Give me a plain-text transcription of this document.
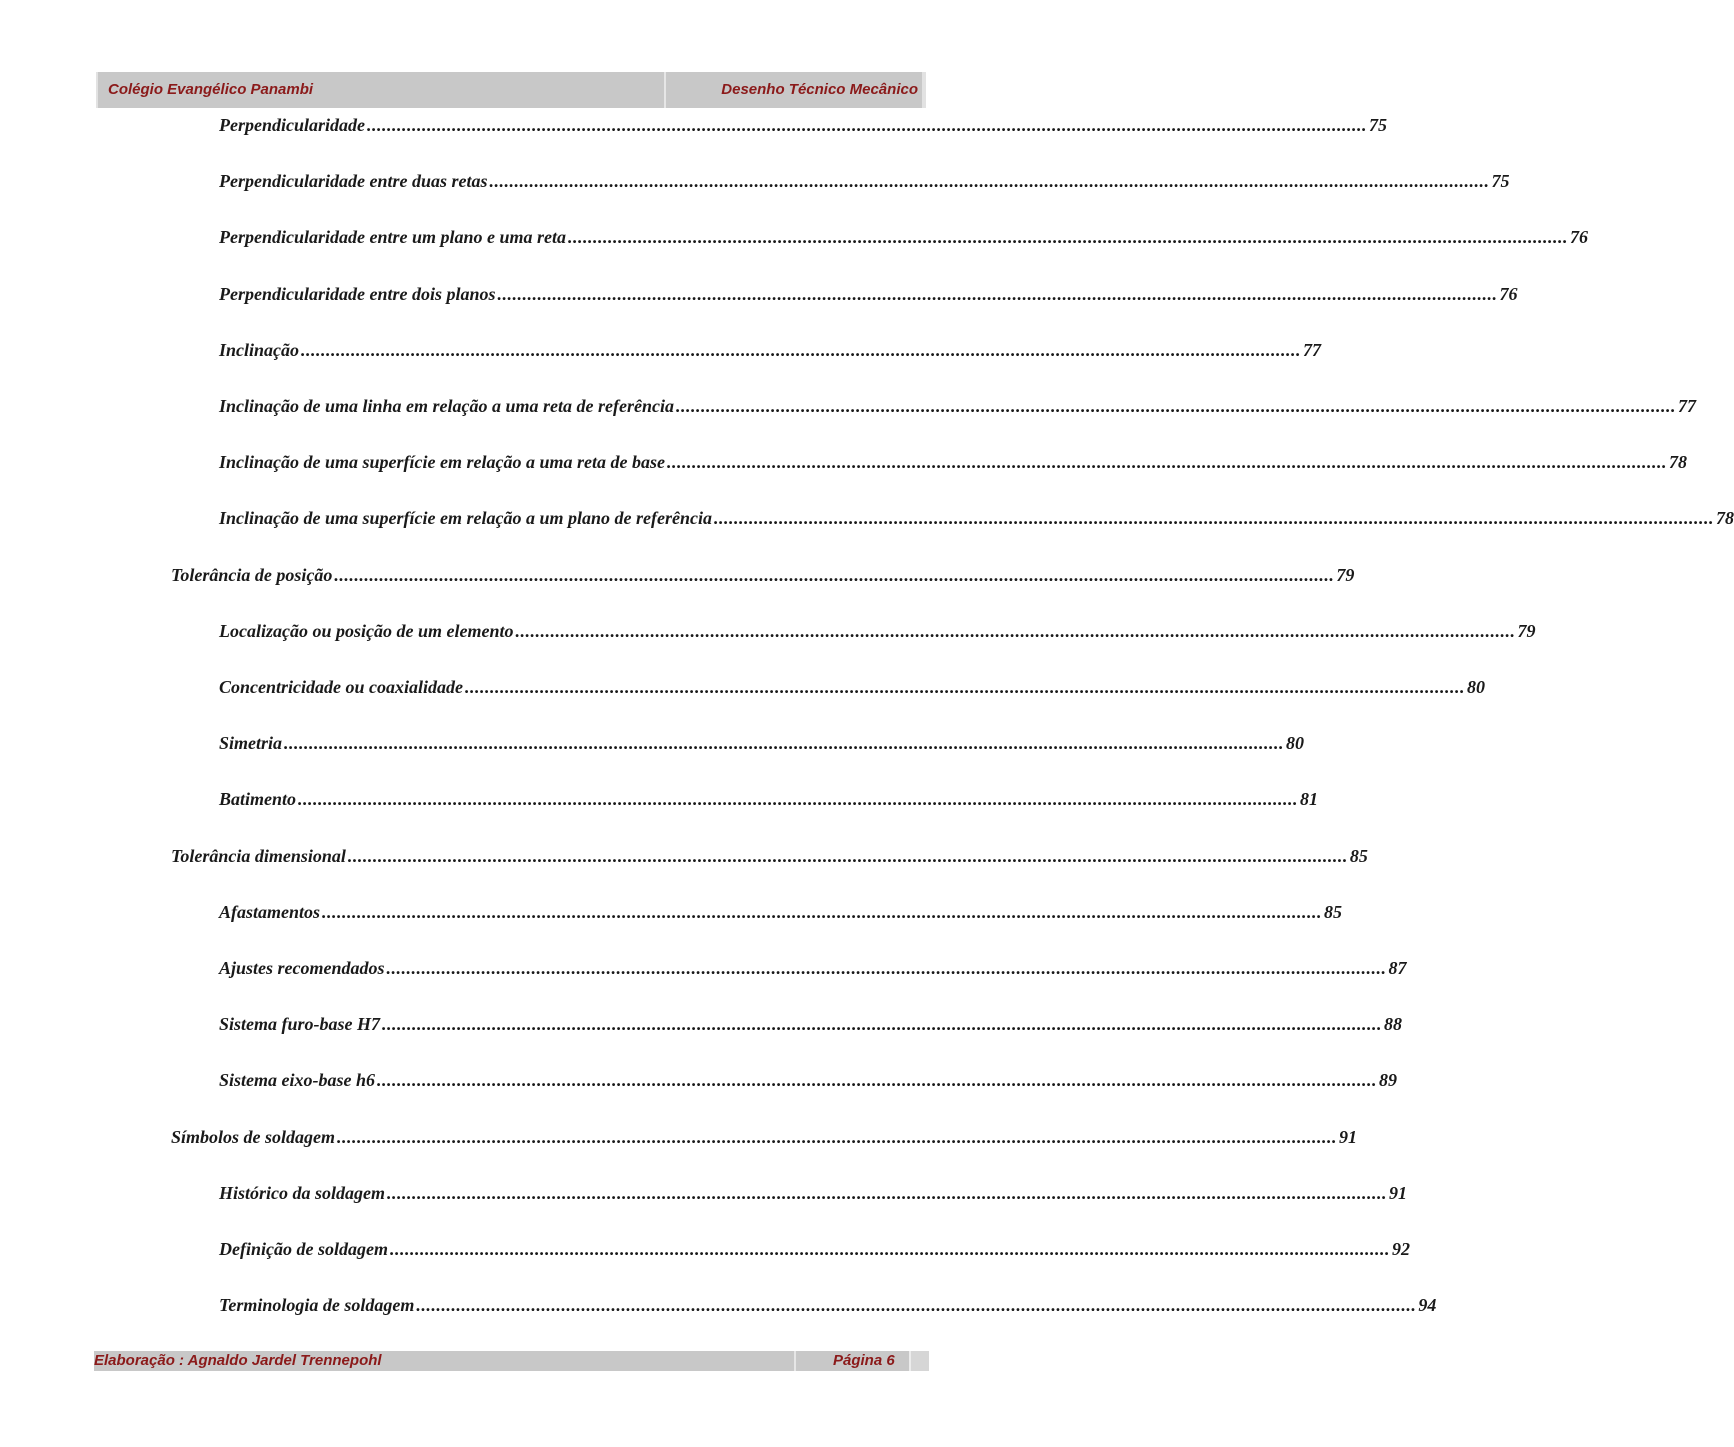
Colégio Evangélico Panambi	Desenho Técnico Mecânico
Perpendicularidade ........................................................................................................................................................................................................ 75
Perpendicularidade entre duas retas ........................................................................................................................................................................................................ 75
Perpendicularidade entre um plano e uma reta ........................................................................................................................................................................................................ 76
Perpendicularidade entre dois planos ........................................................................................................................................................................................................ 76
Inclinação ........................................................................................................................................................................................................ 77
Inclinação de uma linha em relação a uma reta de referência ........................................................................................................................................................................................................ 77
Inclinação de uma superfície em relação a uma reta de base ........................................................................................................................................................................................................ 78
Inclinação de uma superfície em relação a um plano de referência ........................................................................................................................................................................................................ 78
Tolerância de posição ........................................................................................................................................................................................................ 79
Localização ou posição de um elemento ........................................................................................................................................................................................................ 79
Concentricidade ou coaxialidade ........................................................................................................................................................................................................ 80
Simetria ........................................................................................................................................................................................................ 80
Batimento ........................................................................................................................................................................................................ 81
Tolerância dimensional ........................................................................................................................................................................................................ 85
Afastamentos ........................................................................................................................................................................................................ 85
Ajustes recomendados ........................................................................................................................................................................................................ 87
Sistema furo-base H7 ........................................................................................................................................................................................................ 88
Sistema eixo-base h6 ........................................................................................................................................................................................................ 89
Símbolos de soldagem ........................................................................................................................................................................................................ 91
Histórico da soldagem ........................................................................................................................................................................................................ 91
Definição de soldagem ........................................................................................................................................................................................................ 92
Terminologia de soldagem ........................................................................................................................................................................................................ 94
Elaboração : Agnaldo Jardel Trennepohl	Página 6
